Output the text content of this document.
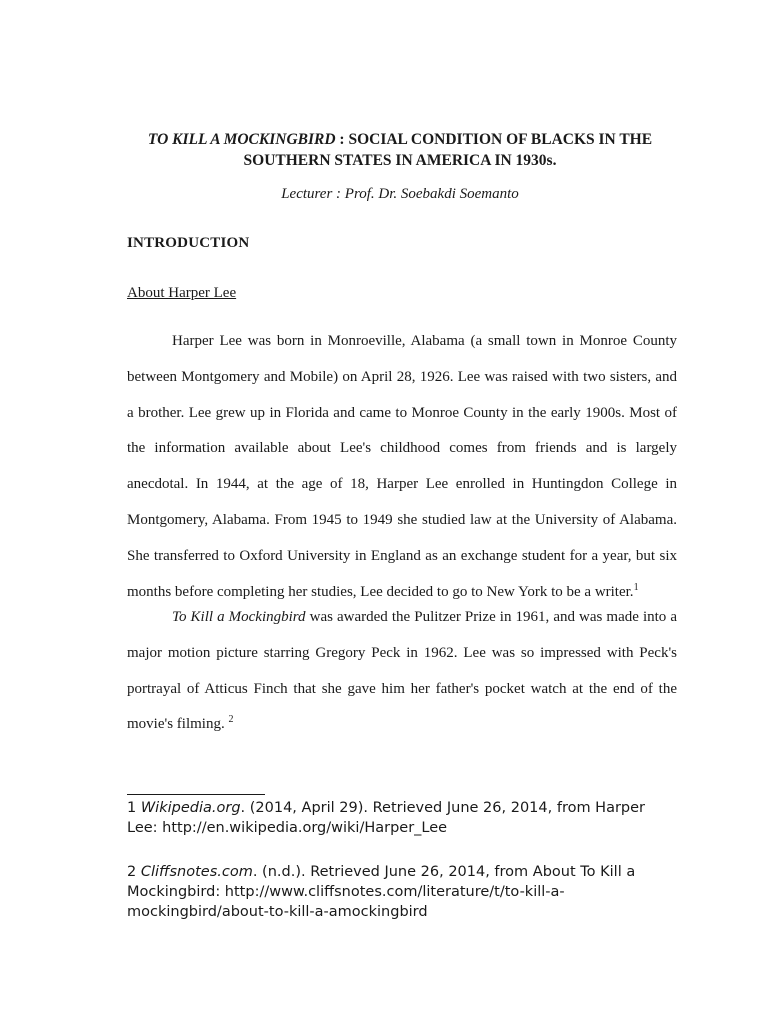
TO KILL A MOCKINGBIRD : SOCIAL CONDITION OF BLACKS IN THE
SOUTHERN STATES IN AMERICA IN 1930s.
Lecturer : Prof. Dr. Soebakdi Soemanto
INTRODUCTION
About Harper Lee

Harper Lee was born in Monroeville, Alabama (a small town in Monroe County between Montgomery and Mobile) on April 28, 1926. Lee was raised with two sisters, and a brother. Lee grew up in Florida and came to Monroe County in the early 1900s. Most of the information available about Lee's childhood comes from friends and is largely anecdotal. In 1944, at the age of 18, Harper Lee enrolled in Huntingdon College in Montgomery, Alabama. From 1945 to 1949 she studied law at the University of Alabama. She transferred to Oxford University in England as an exchange student for a year, but six months before completing her studies, Lee decided to go to New York to be a writer.$^1$

To Kill a Mockingbird was awarded the Pulitzer Prize in 1961, and was made into a major motion picture starring Gregory Peck in 1962. Lee was so impressed with Peck's portrayal of Atticus Finch that she gave him her father's pocket watch at the end of the movie's filming. $^2$

1 Wikipedia.org. (2014, April 29). Retrieved June 26, 2014, from Harper Lee: http://en.wikipedia.org/wiki/Harper_Lee

2 Cliffsnotes.com. (n.d.). Retrieved June 26, 2014, from About To Kill a Mockingbird: http://www.cliffsnotes.com/literature/t/to-kill-a-mockingbird/about-to-kill-a-amockingbird
